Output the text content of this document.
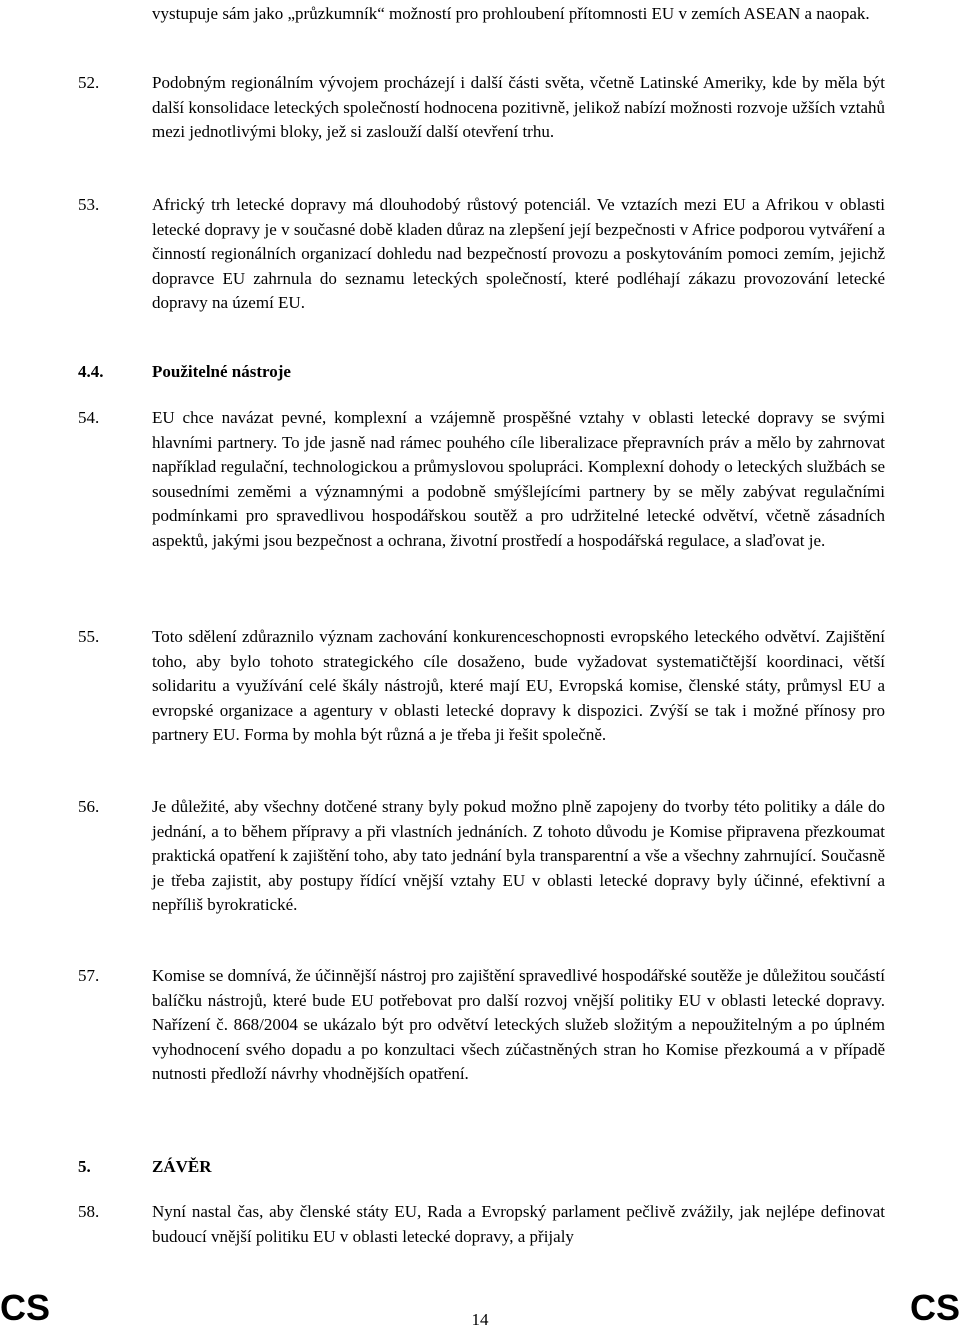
vystupuje sám jako „průzkumník“ možností pro prohloubení přítomnosti EU v zemích ASEAN a naopak.
52.	Podobným regionálním vývojem procházejí i další části světa, včetně Latinské Ameriky, kde by měla být další konsolidace leteckých společností hodnocena pozitivně, jelikož nabízí možnosti rozvoje užších vztahů mezi jednotlivými bloky, jež si zaslouží další otevření trhu.
53.	Africký trh letecké dopravy má dlouhodobý růstový potenciál. Ve vztazích mezi EU a Afrikou v oblasti letecké dopravy je v současné době kladen důraz na zlepšení její bezpečnosti v Africe podporou vytváření a činností regionálních organizací dohledu nad bezpečností provozu a poskytováním pomoci zemím, jejichž dopravce EU zahrnula do seznamu leteckých společností, které podléhají zákazu provozování letecké dopravy na území EU.
4.4.	Použitelné nástroje
54.	EU chce navázat pevné, komplexní a vzájemně prospěšné vztahy v oblasti letecké dopravy se svými hlavními partnery. To jde jasně nad rámec pouhého cíle liberalizace přepravních práv a mělo by zahrnovat například regulační, technologickou a průmyslovou spolupráci. Komplexní dohody o leteckých službách se sousedními zeměmi a významnými a podobně smýšlejícími partnery by se měly zabývat regulačními podmínkami pro spravedlivou hospodářskou soutěž a pro udržitelné letecké odvětví, včetně zásadních aspektů, jakými jsou bezpečnost a ochrana, životní prostředí a hospodářská regulace, a slaďovat je.
55.	Toto sdělení zdůraznilo význam zachování konkurenceschopnosti evropského leteckého odvětví. Zajištění toho, aby bylo tohoto strategického cíle dosaženo, bude vyžadovat systematičtější koordinaci, větší solidaritu a využívání celé škály nástrojů, které mají EU, Evropská komise, členské státy, průmysl EU a evropské organizace a agentury v oblasti letecké dopravy k dispozici. Zvýší se tak i možné přínosy pro partnery EU. Forma by mohla být různá a je třeba ji řešit společně.
56.	Je důležité, aby všechny dotčené strany byly pokud možno plně zapojeny do tvorby této politiky a dále do jednání, a to během přípravy a při vlastních jednáních. Z tohoto důvodu je Komise připravena přezkoumat praktická opatření k zajištění toho, aby tato jednání byla transparentní a vše a všechny zahrnující. Současně je třeba zajistit, aby postupy řídící vnější vztahy EU v oblasti letecké dopravy byly účinné, efektivní a nepříliš byrokratické.
57.	Komise se domnívá, že účinnější nástroj pro zajištění spravedlivé hospodářské soutěže je důležitou součástí balíčku nástrojů, které bude EU potřebovat pro další rozvoj vnější politiky EU v oblasti letecké dopravy. Nařízení č. 868/2004 se ukázalo být pro odvětví leteckých služeb složitým a nepoužitelným a po úplném vyhodnocení svého dopadu a po konzultaci všech zúčastněných stran ho Komise přezkoumá a v případě nutnosti předloží návrhy vhodnějších opatření.
5.	ZÁVĚR
58.	Nyní nastal čas, aby členské státy EU, Rada a Evropský parlament pečlivě zvážily, jak nejlépe definovat budoucí vnější politiku EU v oblasti letecké dopravy, a přijaly
CS	14	CS
